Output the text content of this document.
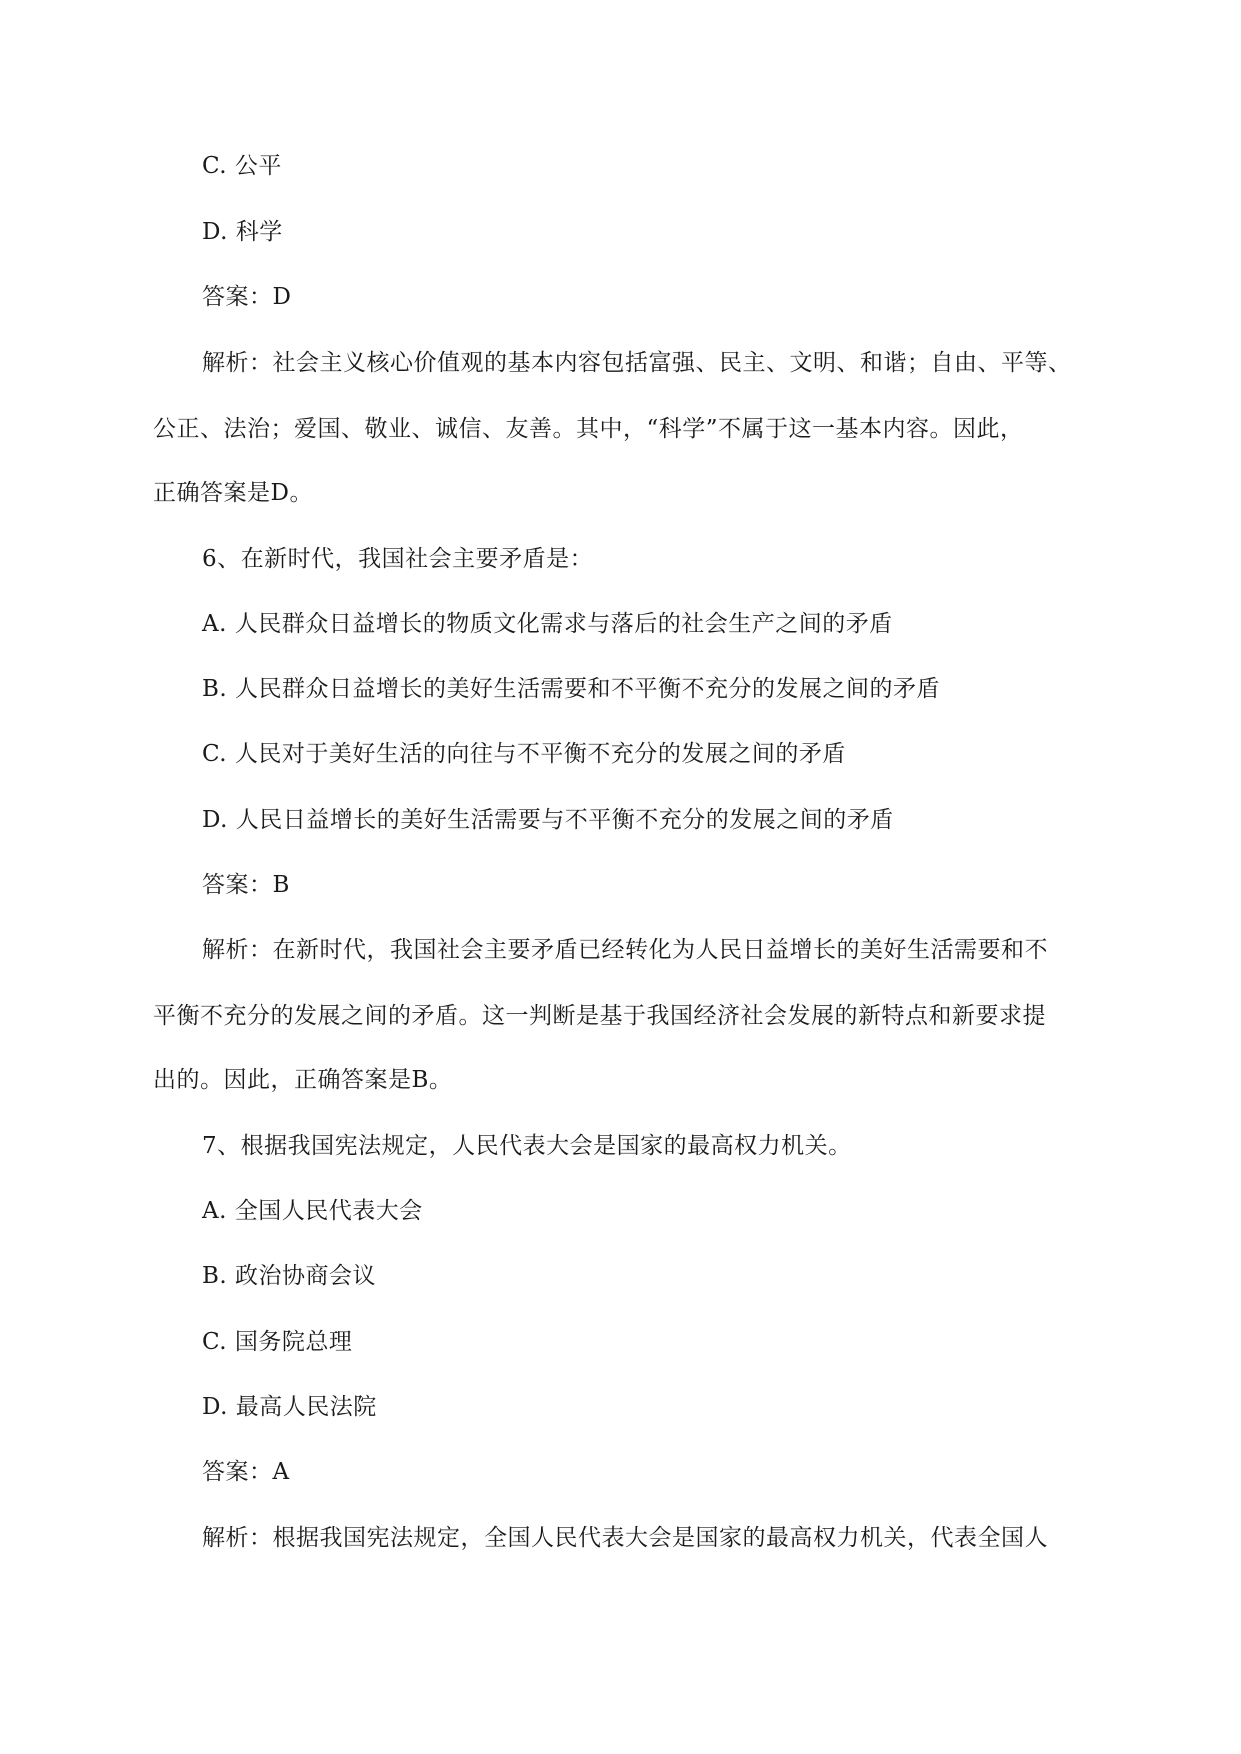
C. 公平
D. 科学
答案：D
解析：社会主义核心价值观的基本内容包括富强、民主、文明、和谐；自由、平等、
公正、法治；爱国、敬业、诚信、友善。其中，“科学”不属于这一基本内容。因此，
正确答案是D。
6、在新时代，我国社会主要矛盾是：
A. 人民群众日益增长的物质文化需求与落后的社会生产之间的矛盾
B. 人民群众日益增长的美好生活需要和不平衡不充分的发展之间的矛盾
C. 人民对于美好生活的向往与不平衡不充分的发展之间的矛盾
D. 人民日益增长的美好生活需要与不平衡不充分的发展之间的矛盾
答案：B
解析：在新时代，我国社会主要矛盾已经转化为人民日益增长的美好生活需要和不
平衡不充分的发展之间的矛盾。这一判断是基于我国经济社会发展的新特点和新要求提
出的。因此，正确答案是B。
7、根据我国宪法规定，人民代表大会是国家的最高权力机关。
A. 全国人民代表大会
B. 政治协商会议
C. 国务院总理
D. 最高人民法院
答案：A
解析：根据我国宪法规定，全国人民代表大会是国家的最高权力机关，代表全国人
